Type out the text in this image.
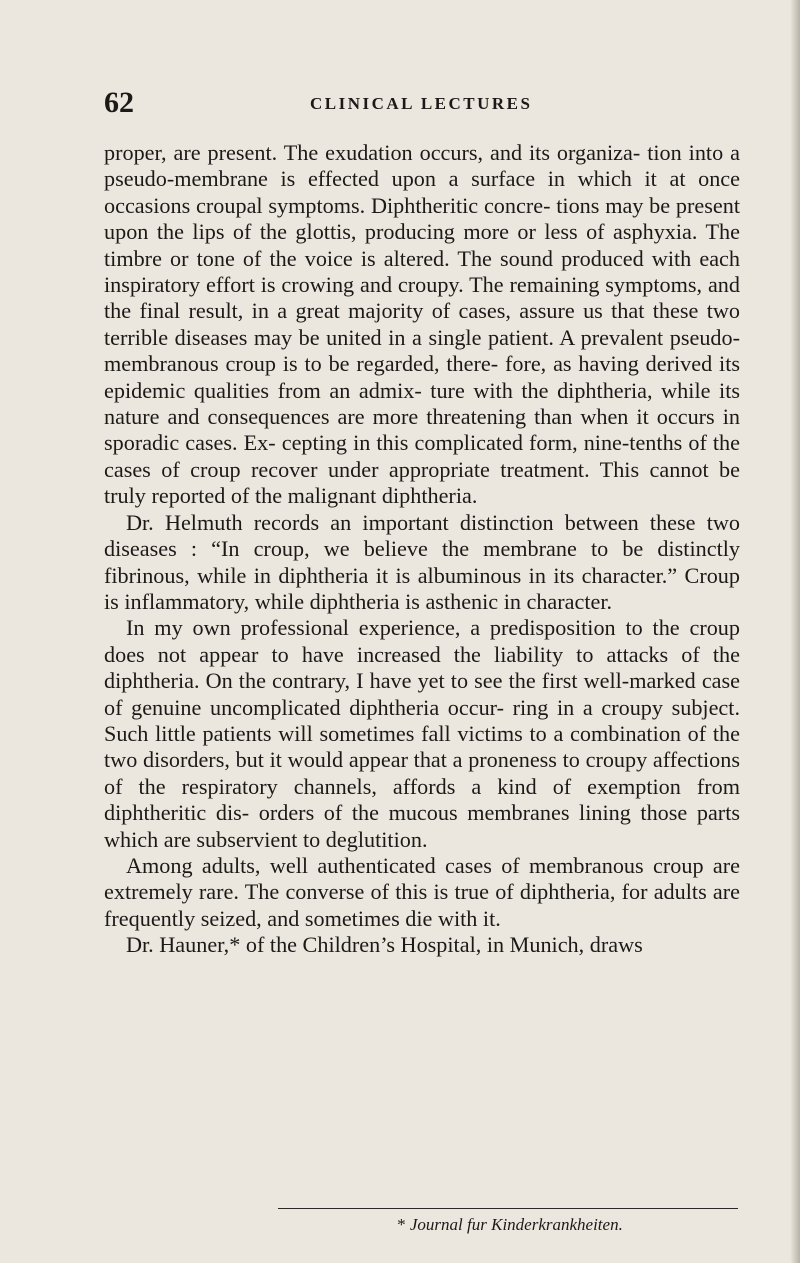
62	CLINICAL LECTURES

proper, are present. The exudation occurs, and its organiza- tion into a pseudo-membrane is effected upon a surface in which it at once occasions croupal symptoms. Diphtheritic concre- tions may be present upon the lips of the glottis, producing more or less of asphyxia. The timbre or tone of the voice is altered. The sound produced with each inspiratory effort is crowing and croupy. The remaining symptoms, and the final result, in a great majority of cases, assure us that these two terrible diseases may be united in a single patient. A prevalent pseudo-membranous croup is to be regarded, there- fore, as having derived its epidemic qualities from an admix- ture with the diphtheria, while its nature and consequences are more threatening than when it occurs in sporadic cases. Ex- cepting in this complicated form, nine-tenths of the cases of croup recover under appropriate treatment. This cannot be truly reported of the malignant diphtheria.

Dr. Helmuth records an important distinction between these two diseases : “In croup, we believe the membrane to be distinctly fibrinous, while in diphtheria it is albuminous in its character.” Croup is inflammatory, while diphtheria is asthenic in character.

In my own professional experience, a predisposition to the croup does not appear to have increased the liability to attacks of the diphtheria. On the contrary, I have yet to see the first well-marked case of genuine uncomplicated diphtheria occur- ring in a croupy subject. Such little patients will sometimes fall victims to a combination of the two disorders, but it would appear that a proneness to croupy affections of the respiratory channels, affords a kind of exemption from diphtheritic dis- orders of the mucous membranes lining those parts which are subservient to deglutition.

Among adults, well authenticated cases of membranous croup are extremely rare. The converse of this is true of diphtheria, for adults are frequently seized, and sometimes die with it.

Dr. Hauner,* of the Children’s Hospital, in Munich, draws

* Journal fur Kinderkrankheiten.
